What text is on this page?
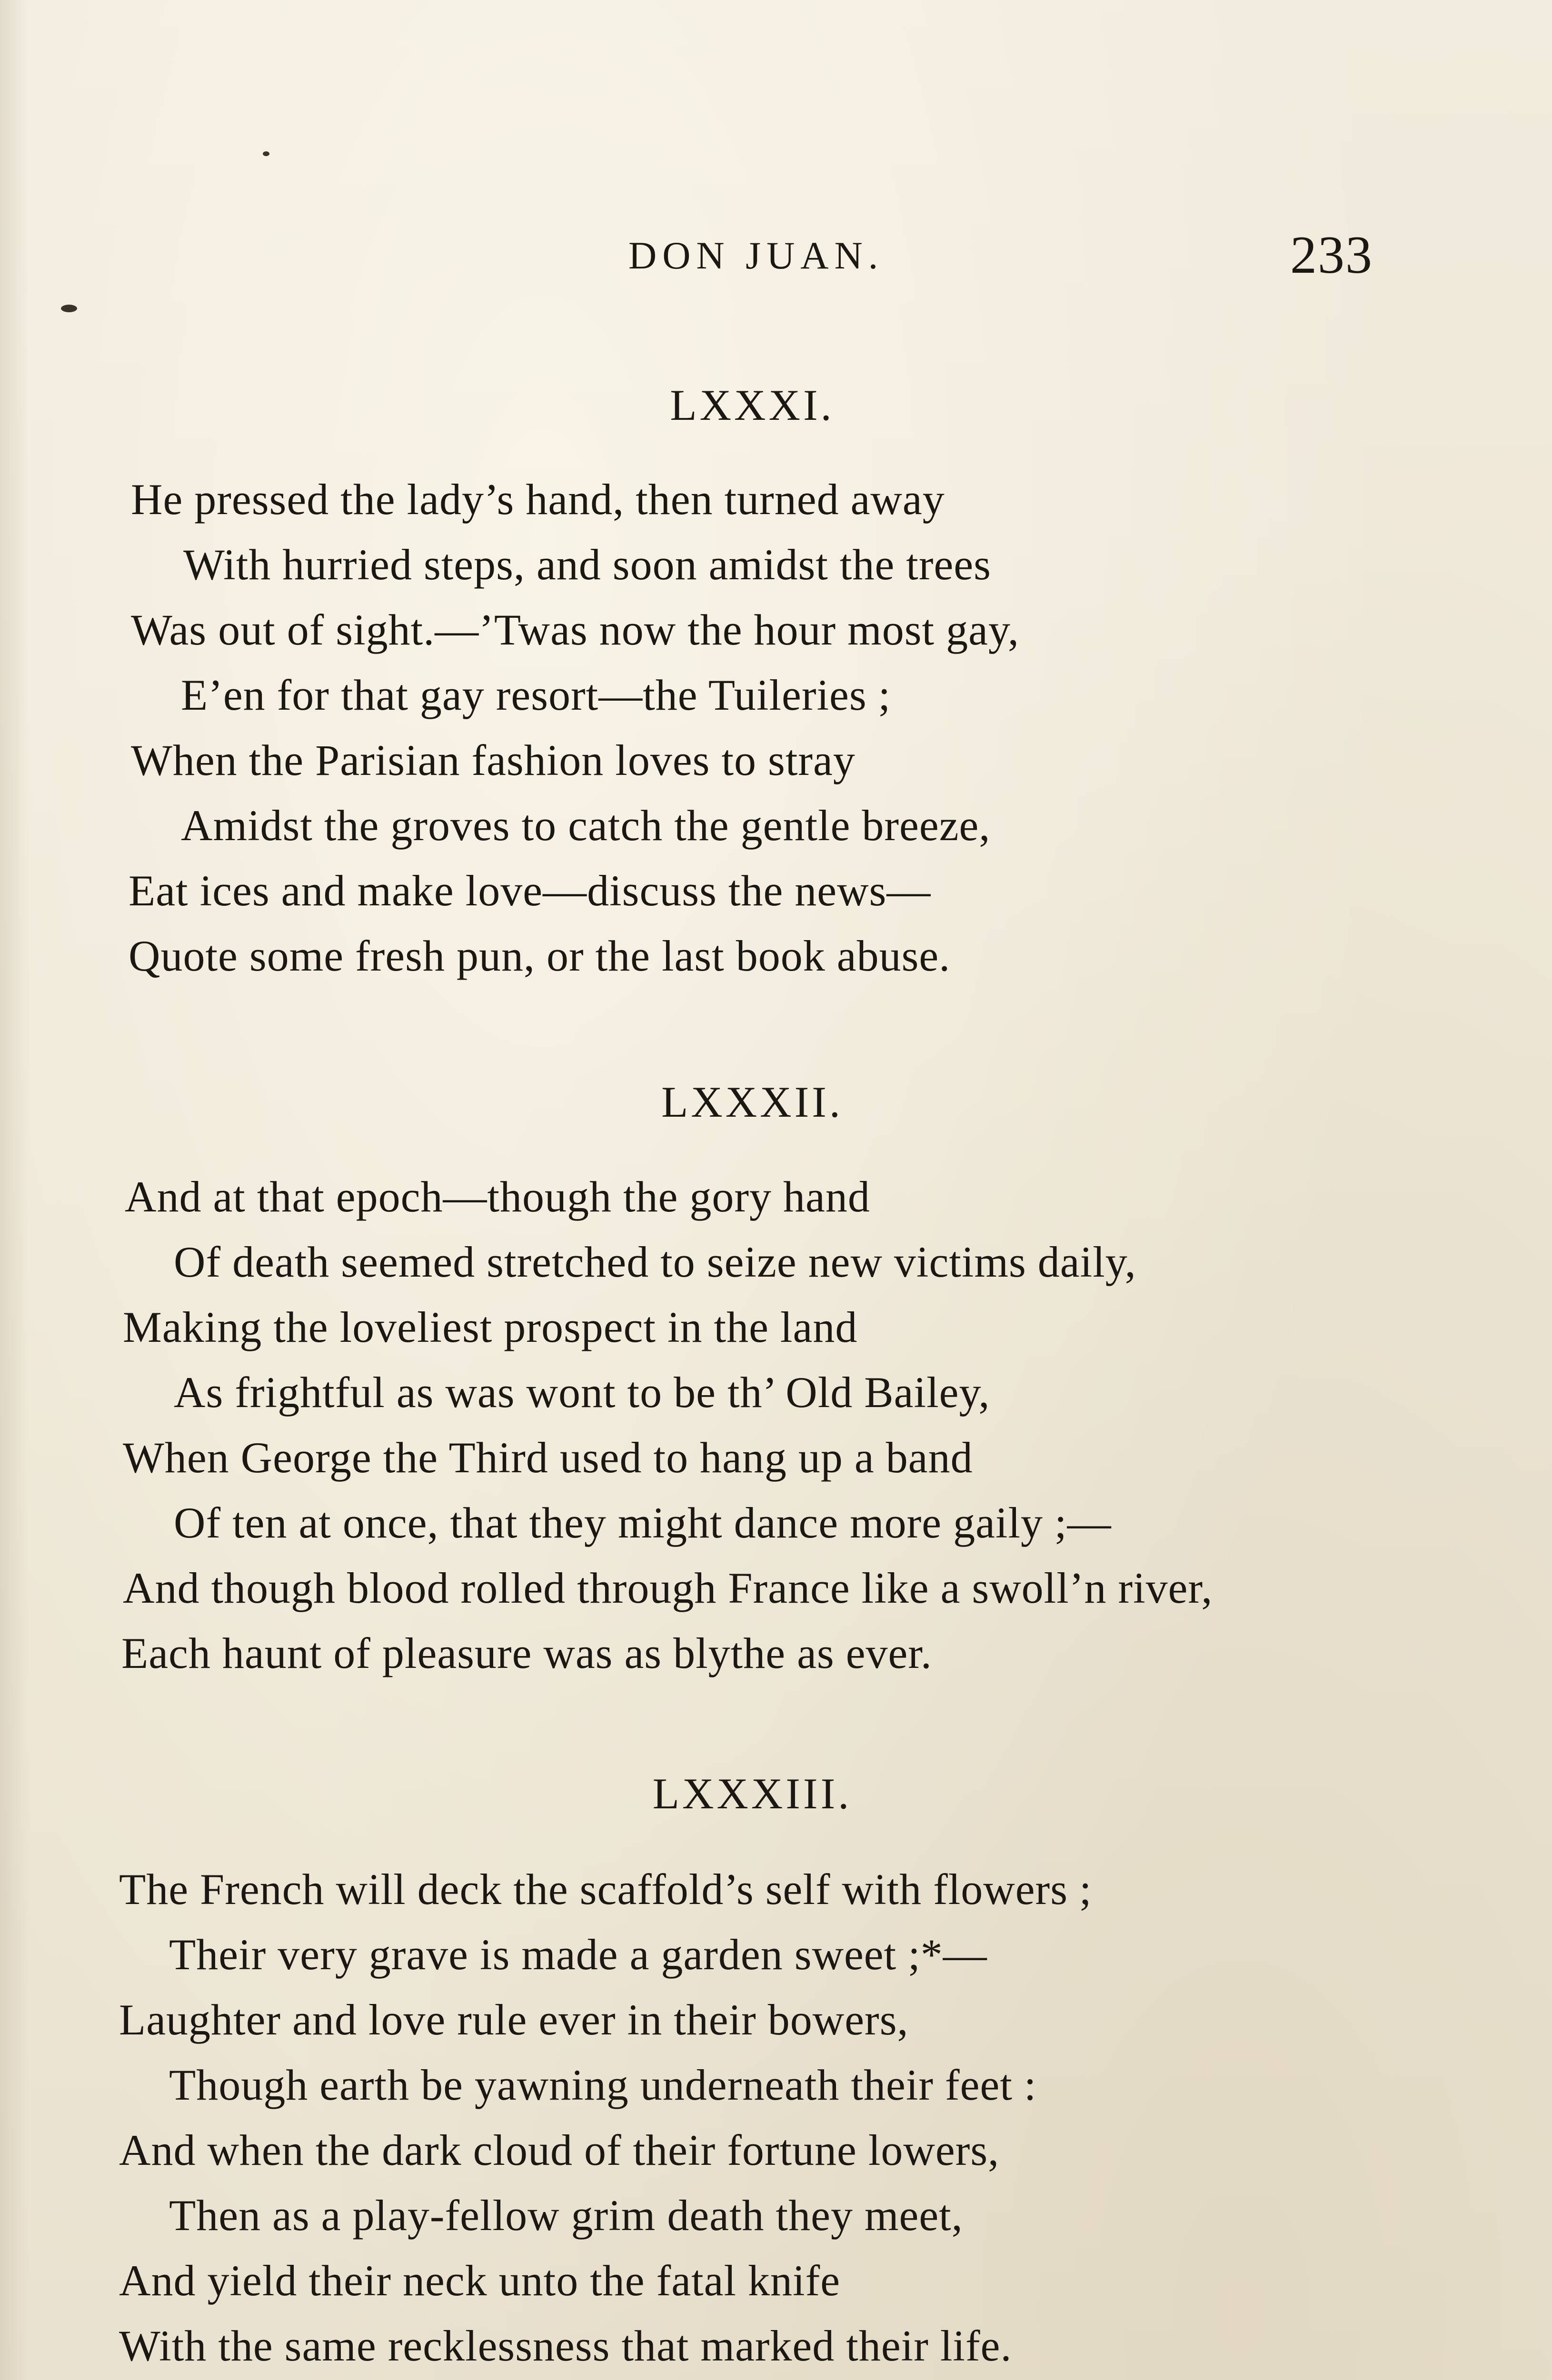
DON JUAN.	233
LXXXI.
He pressed the lady’s hand, then turned away
With hurried steps, and soon amidst the trees
Was out of sight.—’Twas now the hour most gay,
E’en for that gay resort—the Tuileries ;
When the Parisian fashion loves to stray
Amidst the groves to catch the gentle breeze,
Eat ices and make love—discuss the news—
Quote some fresh pun, or the last book abuse.
LXXXII.
And at that epoch—though the gory hand
Of death seemed stretched to seize new victims daily,
Making the loveliest prospect in the land
As frightful as was wont to be th’ Old Bailey,
When George the Third used to hang up a band
Of ten at once, that they might dance more gaily ;—
And though blood rolled through France like a swoll’n river,
Each haunt of pleasure was as blythe as ever.
LXXXIII.
The French will deck the scaffold’s self with flowers ;
Their very grave is made a garden sweet ;*—
Laughter and love rule ever in their bowers,
Though earth be yawning underneath their feet :
And when the dark cloud of their fortune lowers,
Then as a play-fellow grim death they meet,
And yield their neck unto the fatal knife
With the same recklessness that marked their life.
